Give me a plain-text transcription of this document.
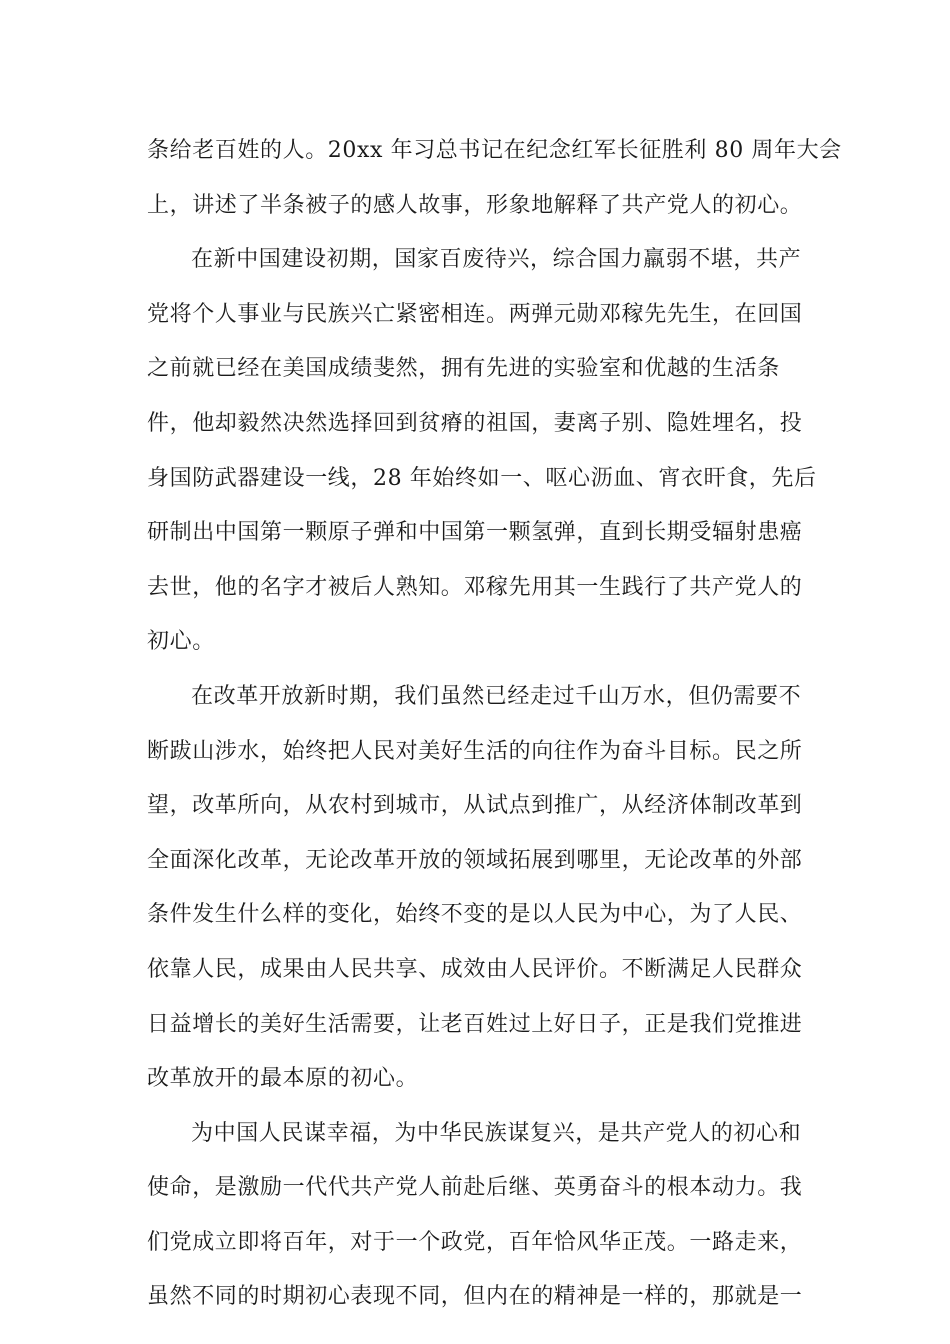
条给老百姓的人。20xx 年习总书记在纪念红军长征胜利 80 周年大会
上，讲述了半条被子的感人故事，形象地解释了共产党人的初心。
在新中国建设初期，国家百废待兴，综合国力羸弱不堪，共产
党将个人事业与民族兴亡紧密相连。两弹元勋邓稼先先生，在回国
之前就已经在美国成绩斐然，拥有先进的实验室和优越的生活条
件，他却毅然决然选择回到贫瘠的祖国，妻离子别、隐姓埋名，投
身国防武器建设一线，28 年始终如一、呕心沥血、宵衣旰食，先后
研制出中国第一颗原子弹和中国第一颗氢弹，直到长期受辐射患癌
去世，他的名字才被后人熟知。邓稼先用其一生践行了共产党人的
初心。
在改革开放新时期，我们虽然已经走过千山万水，但仍需要不
断跋山涉水，始终把人民对美好生活的向往作为奋斗目标。民之所
望，改革所向，从农村到城市，从试点到推广，从经济体制改革到
全面深化改革，无论改革开放的领域拓展到哪里，无论改革的外部
条件发生什么样的变化，始终不变的是以人民为中心，为了人民、
依靠人民，成果由人民共享、成效由人民评价。不断满足人民群众
日益增长的美好生活需要，让老百姓过上好日子，正是我们党推进
改革放开的最本原的初心。
为中国人民谋幸福，为中华民族谋复兴，是共产党人的初心和
使命，是激励一代代共产党人前赴后继、英勇奋斗的根本动力。我
们党成立即将百年，对于一个政党，百年恰风华正茂。一路走来，
虽然不同的时期初心表现不同，但内在的精神是一样的，那就是一
